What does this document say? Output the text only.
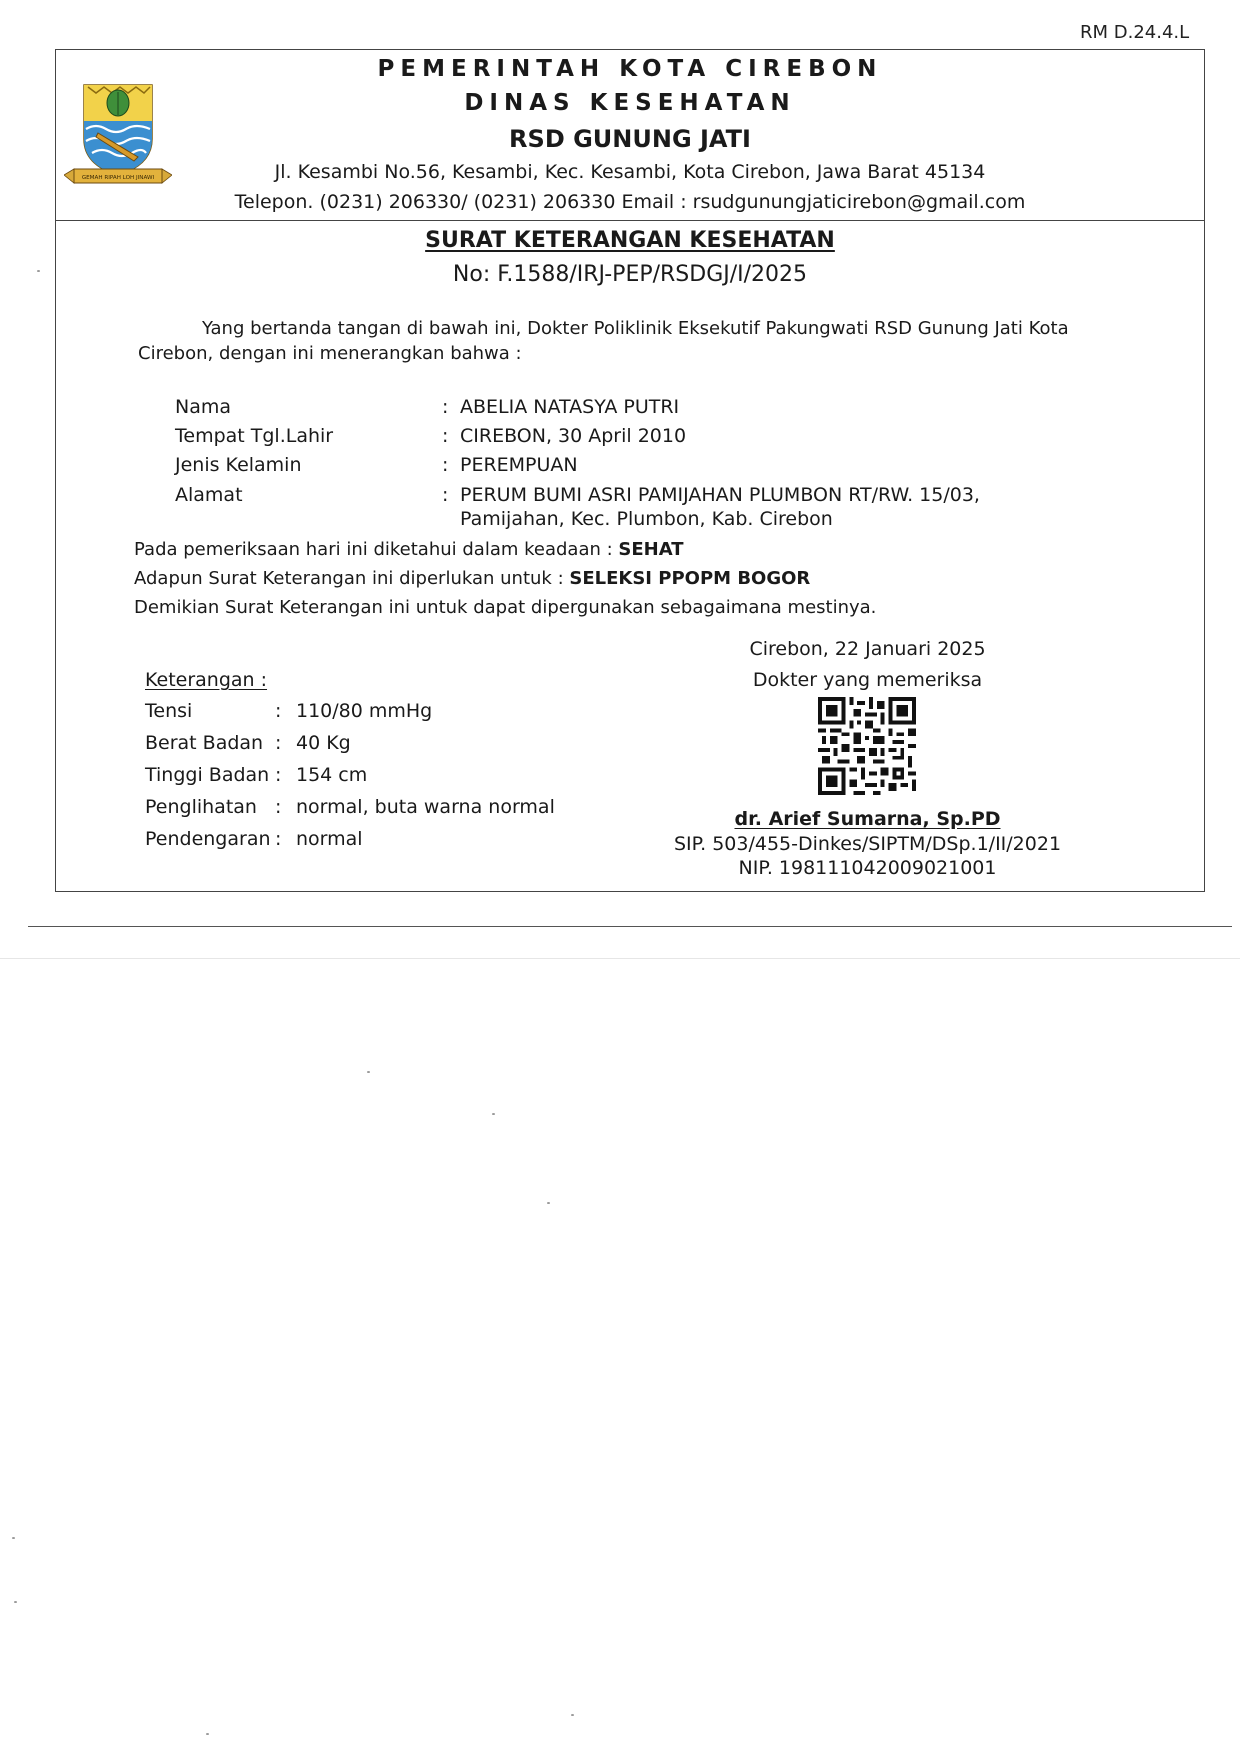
RM D.24.4.L
GEMAH RIPAH LOH JINAWI
PEMERINTAH KOTA CIREBON
DINAS KESEHATAN
RSD GUNUNG JATI
Jl. Kesambi No.56, Kesambi, Kec. Kesambi, Kota Cirebon, Jawa Barat 45134
Telepon. (0231) 206330/ (0231) 206330 Email : rsudgunungjaticirebon@gmail.com
SURAT KETERANGAN KESEHATAN
No: F.1588/IRJ-PEP/RSDGJ/I/2025
Yang bertanda tangan di bawah ini, Dokter Poliklinik Eksekutif Pakungwati RSD Gunung Jati Kota Cirebon, dengan ini menerangkan bahwa :
Nama	: ABELIA NATASYA PUTRI
Tempat Tgl.Lahir	: CIREBON, 30 April 2010
Jenis Kelamin	: PEREMPUAN
Alamat	: PERUM BUMI ASRI PAMIJAHAN PLUMBON RT/RW. 15/03,
Pamijahan, Kec. Plumbon, Kab. Cirebon
Pada pemeriksaan hari ini diketahui dalam keadaan : SEHAT
Adapun Surat Keterangan ini diperlukan untuk : SELEKSI PPOPM BOGOR
Demikian Surat Keterangan ini untuk dapat dipergunakan sebagaimana mestinya.
Keterangan :
Tensi	: 110/80 mmHg
Berat Badan : 40 Kg
Tinggi Badan : 154 cm
Penglihatan : normal, buta warna normal
Pendengaran : normal
Cirebon, 22 Januari 2025
Dokter yang memeriksa
dr. Arief Sumarna, Sp.PD
SIP. 503/455-Dinkes/SIPTM/DSp.1/II/2021
NIP. 198111042009021001
